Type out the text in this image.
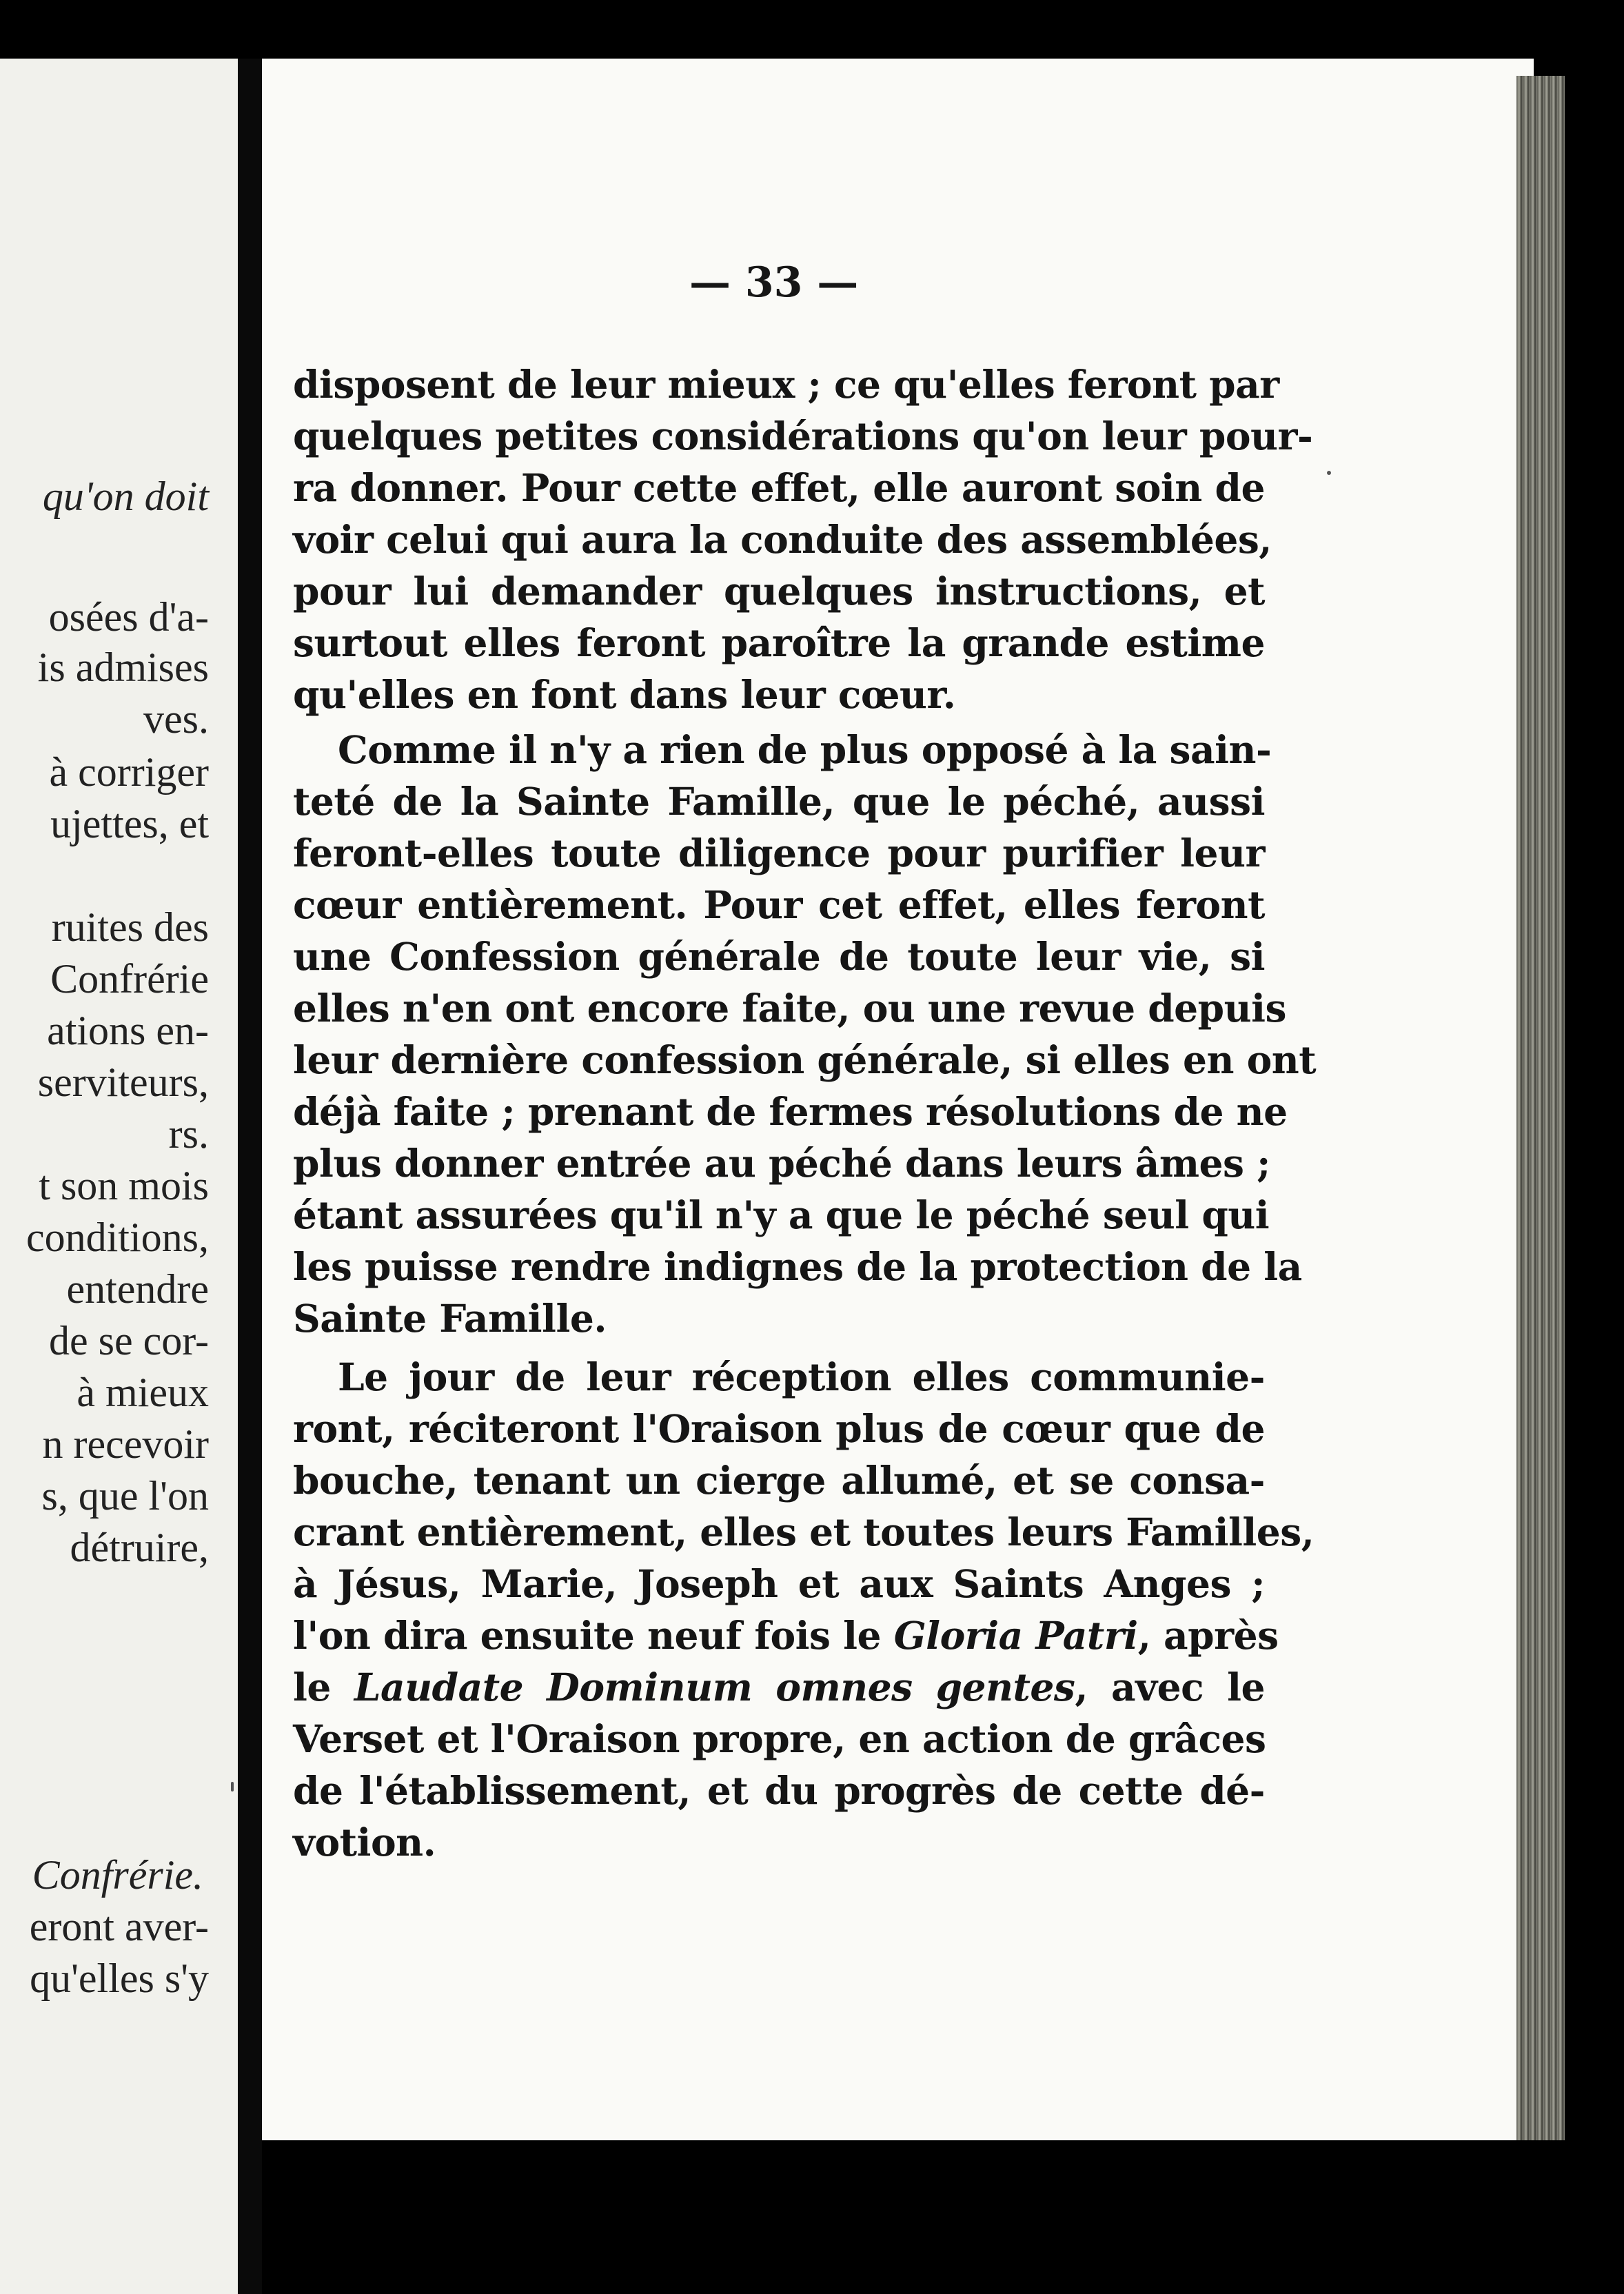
qu'on doit
osées d'a-
is admises
ves.
à corriger
ujettes, et
ruites des
Confrérie
ations en-
serviteurs,
rs.
t son mois
conditions,
entendre
de se cor-
à mieux
n recevoir
s, que l'on
détruire,
Confrérie.
eront aver-
qu'elles s'y
— 33 —
disposent de leur mieux ; ce qu'elles feront par
quelques petites considérations qu'on leur pour-
ra donner. Pour cette effet, elle auront soin de
voir celui qui aura la conduite des assemblées,
pour lui demander quelques instructions, et
surtout elles feront paroître la grande estime
qu'elles en font dans leur cœur.
Comme il n'y a rien de plus opposé à la sain-
teté de la Sainte Famille, que le péché, aussi
feront-elles toute diligence pour purifier leur
cœur entièrement. Pour cet effet, elles feront
une Confession générale de toute leur vie, si
elles n'en ont encore faite, ou une revue depuis
leur dernière confession générale, si elles en ont
déjà faite ; prenant de fermes résolutions de ne
plus donner entrée au péché dans leurs âmes ;
étant assurées qu'il n'y a que le péché seul qui
les puisse rendre indignes de la protection de la
Sainte Famille.
Le jour de leur réception elles communie-
ront, réciteront l'Oraison plus de cœur que de
bouche, tenant un cierge allumé, et se consa-
crant entièrement, elles et toutes leurs Familles,
à Jésus, Marie, Joseph et aux Saints Anges ;
l'on dira ensuite neuf fois le Gloria Patri, après
le Laudate Dominum omnes gentes, avec le
Verset et l'Oraison propre, en action de grâces
de l'établissement, et du progrès de cette dé-
votion.
